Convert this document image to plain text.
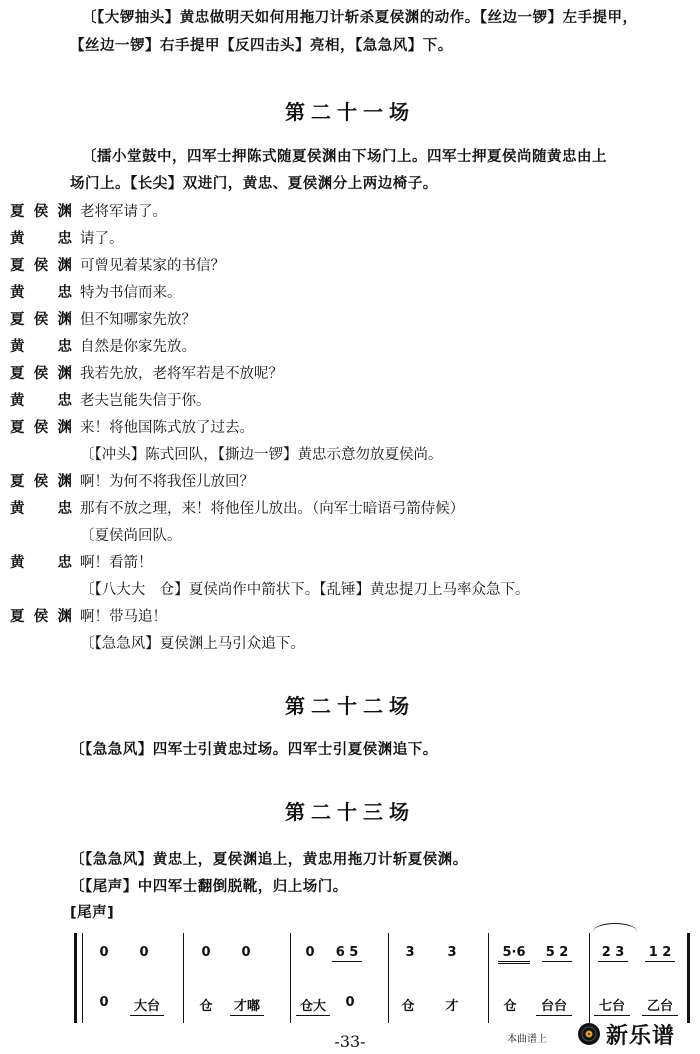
〔【大锣抽头】黄忠做明天如何用拖刀计斩杀夏侯渊的动作。【丝边一锣】左手提甲，
【丝边一锣】右手提甲【反四击头】亮相，【急急风】下。
第二十一场
〔擂小堂鼓中，四军士押陈式随夏侯渊由下场门上。四军士押夏侯尚随黄忠由上
场门上。【长尖】双进门，黄忠、夏侯渊分上两边椅子。
夏侯渊 老将军请了。
黄忠 请了。
夏侯渊 可曾见着某家的书信？
黄忠 特为书信而来。
夏侯渊 但不知哪家先放？
黄忠 自然是你家先放。
夏侯渊 我若先放，老将军若是不放呢？
黄忠 老夫岂能失信于你。
夏侯渊 来！将他国陈式放了过去。
〔【冲头】陈式回队，【撕边一锣】黄忠示意勿放夏侯尚。
夏侯渊 啊！为何不将我侄儿放回？
黄忠 那有不放之理，来！将他侄儿放出。（向军士暗语弓箭侍候）
〔夏侯尚回队。
黄忠 啊！看箭！
〔【八大大　仓】夏侯尚作中箭状下。【乱锤】黄忠提刀上马率众急下。
夏侯渊 啊！带马追！
〔【急急风】夏侯渊上马引众追下。
第二十二场
〔【急急风】四军士引黄忠过场。四军士引夏侯渊追下。
第二十三场
〔【急急风】黄忠上，夏侯渊追上，黄忠用拖刀计斩夏侯渊。
〔【尾声】中四军士翻倒脱靴，归上场门。
[尾声]
0	0	0	0	0	6 5	3	3	5·6	5 2	2 3 1 2
0	大台	仓	才嘟	仓大	0	仓	才	仓	台台	七台	乙台
-33-	本曲谱上	新乐谱
